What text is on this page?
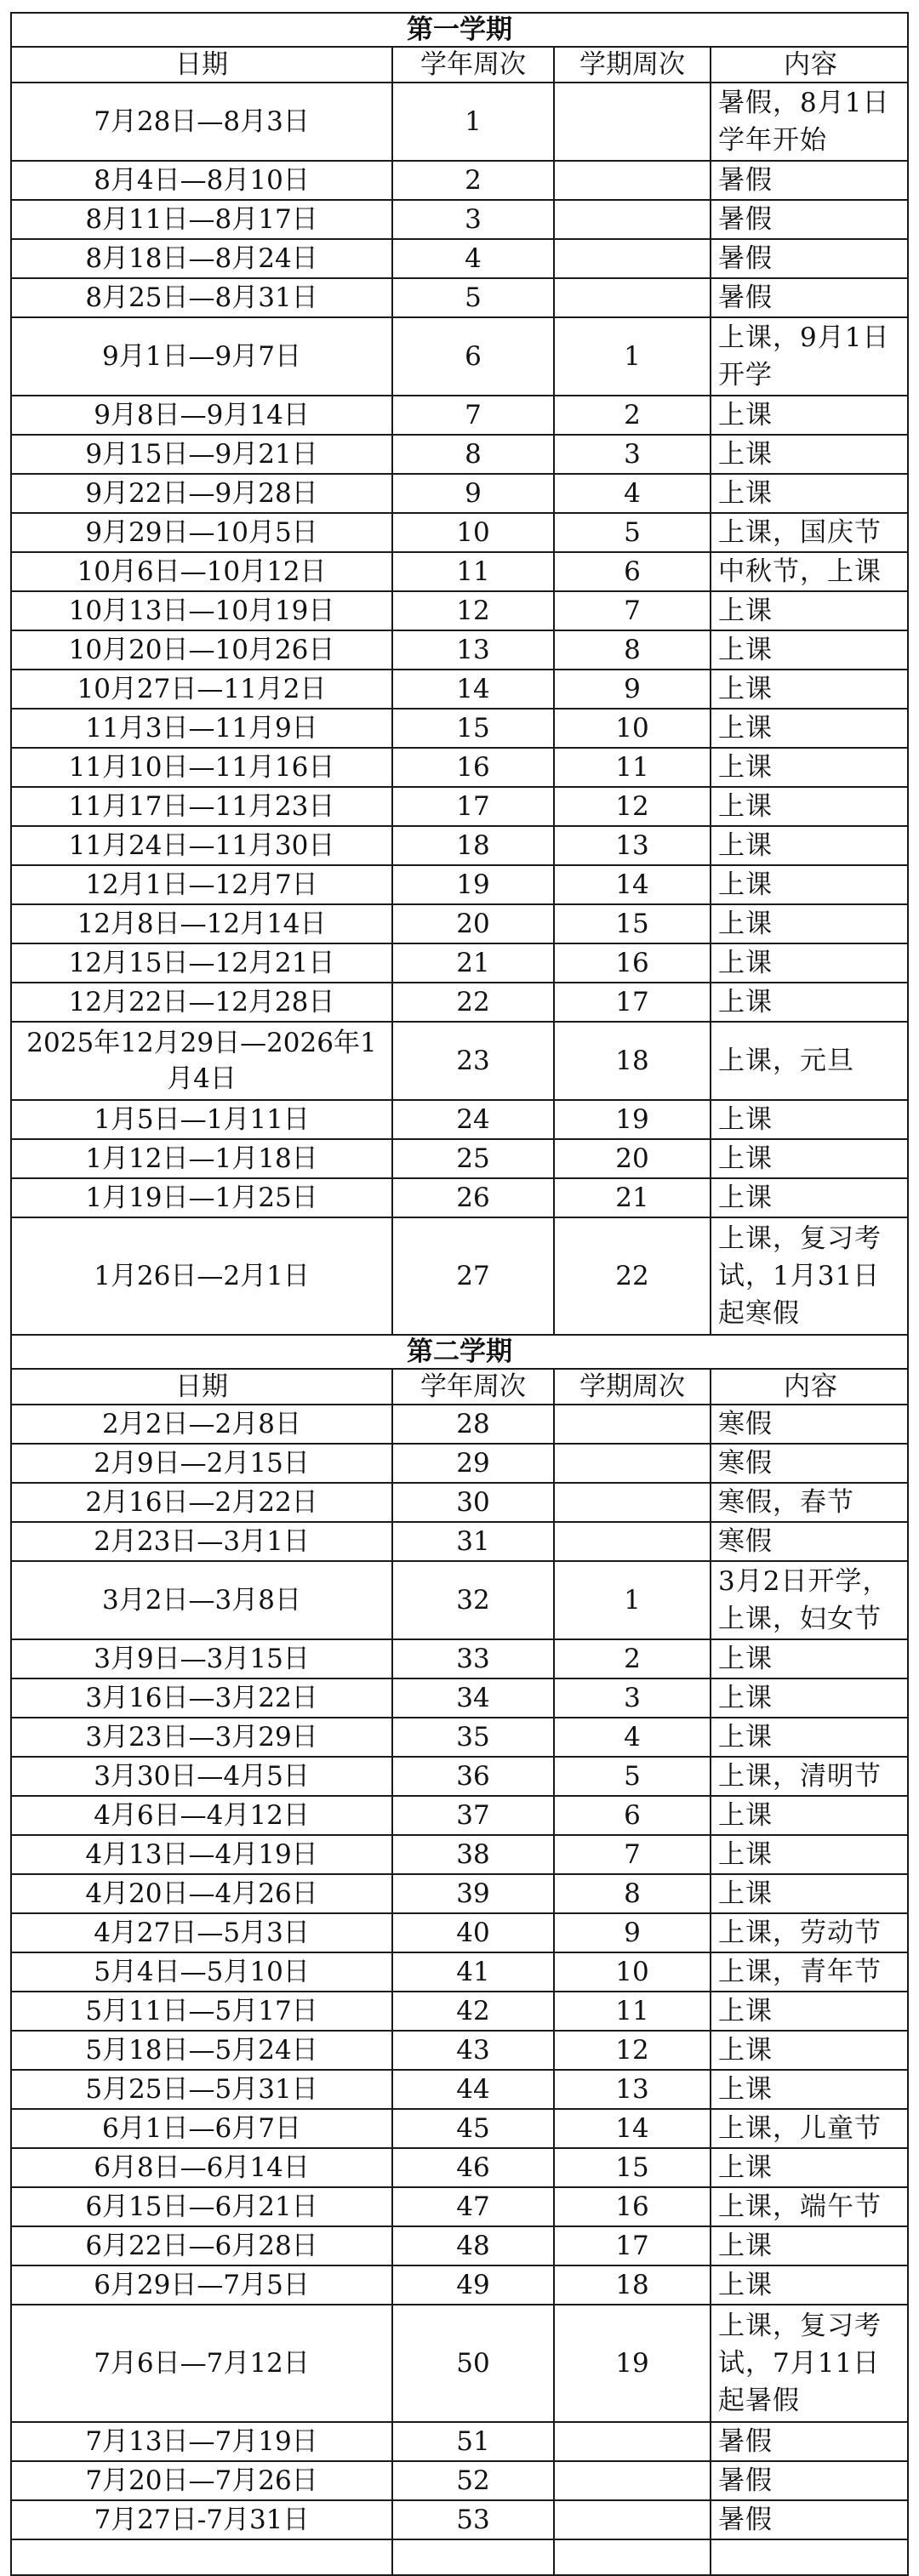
第一学期			
日期	学年周次	学期周次	内容
7月28日—8月3日	1		暑假，8月1日学年开始
8月4日—8月10日	2		暑假
8月11日—8月17日	3		暑假
8月18日—8月24日	4		暑假
8月25日—8月31日	5		暑假
9月1日—9月7日	6	1	上课，9月1日开学
9月8日—9月14日	7	2	上课
9月15日—9月21日	8	3	上课
9月22日—9月28日	9	4	上课
9月29日—10月5日	10	5	上课，国庆节
10月6日—10月12日	11	6	中秋节，上课
10月13日—10月19日	12	7	上课
10月20日—10月26日	13	8	上课
10月27日—11月2日	14	9	上课
11月3日—11月9日	15	10	上课
11月10日—11月16日	16	11	上课
11月17日—11月23日	17	12	上课
11月24日—11月30日	18	13	上课
12月1日—12月7日	19	14	上课
12月8日—12月14日	20	15	上课
12月15日—12月21日	21	16	上课
12月22日—12月28日	22	17	上课
2025年12月29日—2026年1月4日	23	18	上课，元旦
1月5日—1月11日	24	19	上课
1月12日—1月18日	25	20	上课
1月19日—1月25日	26	21	上课
1月26日—2月1日	27	22	上课，复习考试，1月31日起寒假
第二学期			
日期	学年周次	学期周次	内容
2月2日—2月8日	28		寒假
2月9日—2月15日	29		寒假
2月16日—2月22日	30		寒假，春节
2月23日—3月1日	31		寒假
3月2日—3月8日	32	1	3月2日开学，上课，妇女节
3月9日—3月15日	33	2	上课
3月16日—3月22日	34	3	上课
3月23日—3月29日	35	4	上课
3月30日—4月5日	36	5	上课，清明节
4月6日—4月12日	37	6	上课
4月13日—4月19日	38	7	上课
4月20日—4月26日	39	8	上课
4月27日—5月3日	40	9	上课，劳动节
5月4日—5月10日	41	10	上课，青年节
5月11日—5月17日	42	11	上课
5月18日—5月24日	43	12	上课
5月25日—5月31日	44	13	上课
6月1日—6月7日	45	14	上课，儿童节
6月8日—6月14日	46	15	上课
6月15日—6月21日	47	16	上课，端午节
6月22日—6月28日	48	17	上课
6月29日—7月5日	49	18	上课
7月6日—7月12日	50	19	上课，复习考试，7月11日起暑假
7月13日—7月19日	51		暑假
7月20日—7月26日	52		暑假
7月27日-7月31日	53		暑假
